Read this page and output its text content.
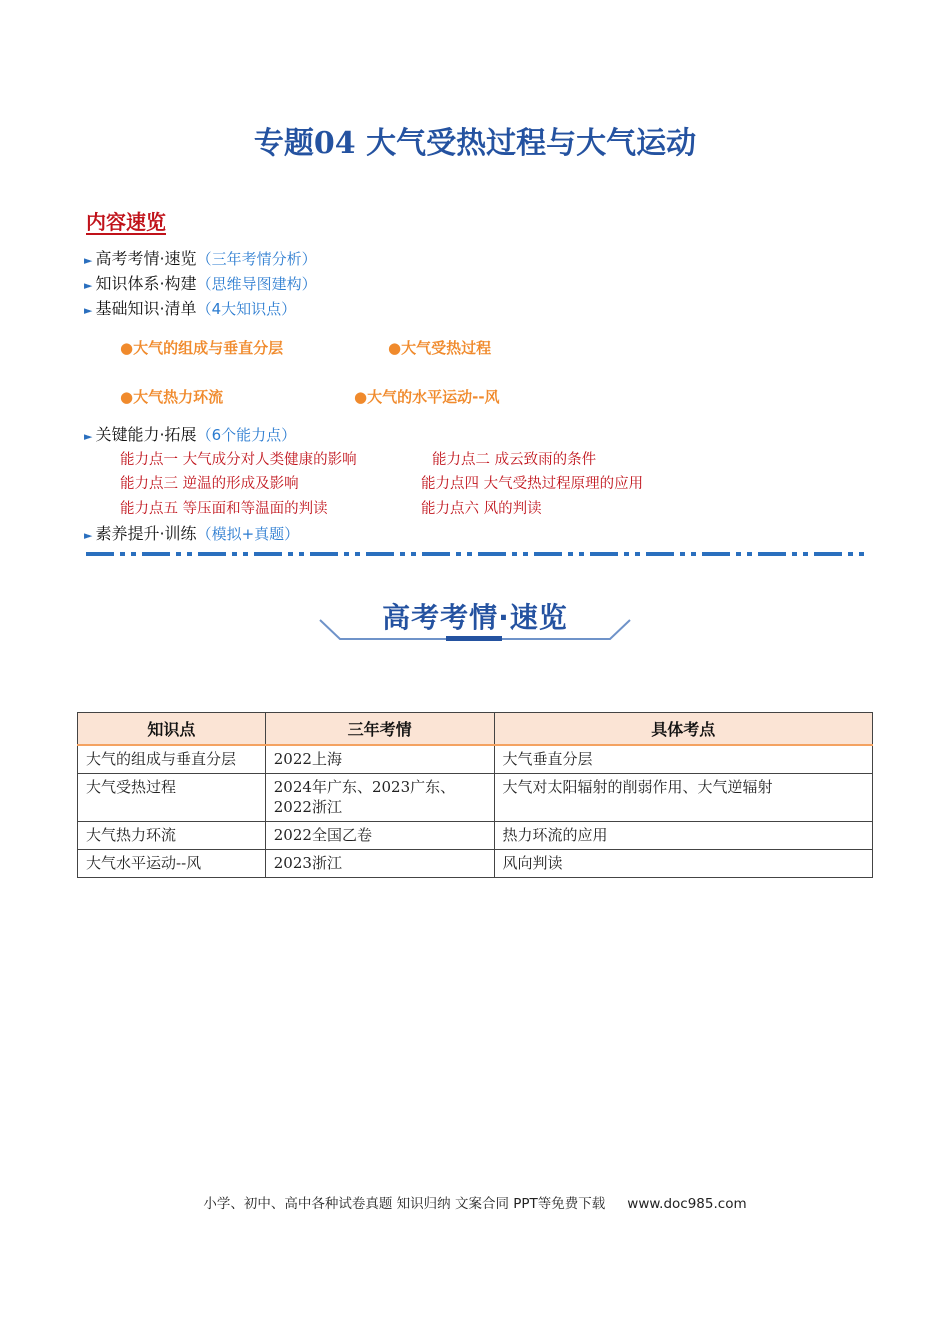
专题04 大气受热过程与大气运动
内容速览
► 高考考情·速览（三年考情分析）
► 知识体系·构建（思维导图建构）
► 基础知识·清单（4大知识点）
●大气的组成与垂直分层	●大气受热过程
●大气热力环流	●大气的水平运动--风
► 关键能力·拓展（6个能力点）
能力点一 大气成分对人类健康的影响	能力点二 成云致雨的条件
能力点三 逆温的形成及影响	能力点四 大气受热过程原理的应用
能力点五 等压面和等温面的判读	能力点六 风的判读
► 素养提升·训练（模拟+真题）
高考考情·速览
知识点	三年考情	具体考点
大气的组成与垂直分层	2022上海	大气垂直分层
大气受热过程	2024年广东、2023广东、2022浙江	大气对太阳辐射的削弱作用、大气逆辐射
大气热力环流	2022全国乙卷	热力环流的应用
大气水平运动--风	2023浙江	风向判读
小学、初中、高中各种试卷真题 知识归纳 文案合同 PPT等免费下载 www.doc985.com
